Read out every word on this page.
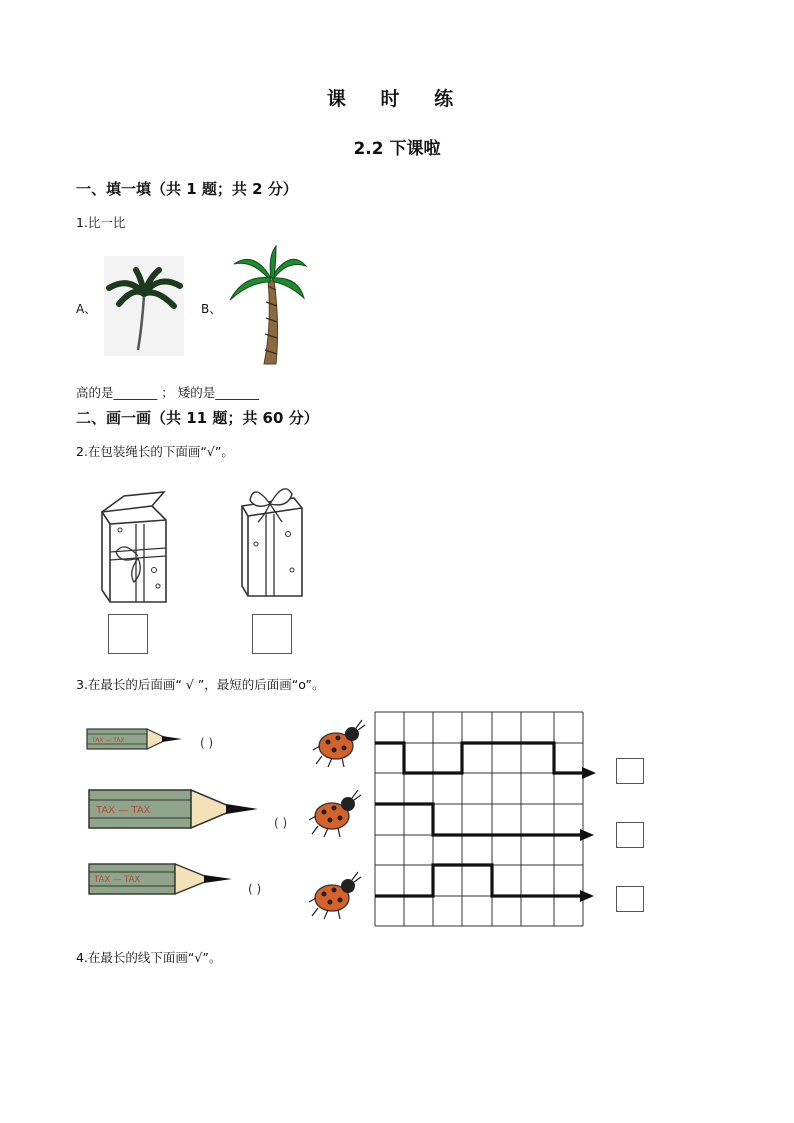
课 时 练
2.2 下课啦
一、填一填（共 1 题；共 2 分）
1.比一比
A、	B、
高的是_______ ； 矮的是_______
二、画一画（共 11 题；共 60 分）
2.在包装绳长的下面画“√”。
3.在最长的后面画“ √ ”，最短的后面画“o”。
TAX — TAX	( )
TAX — TAX
( )
TAX — TAX
( )
4.在最长的线下面画“√”。
